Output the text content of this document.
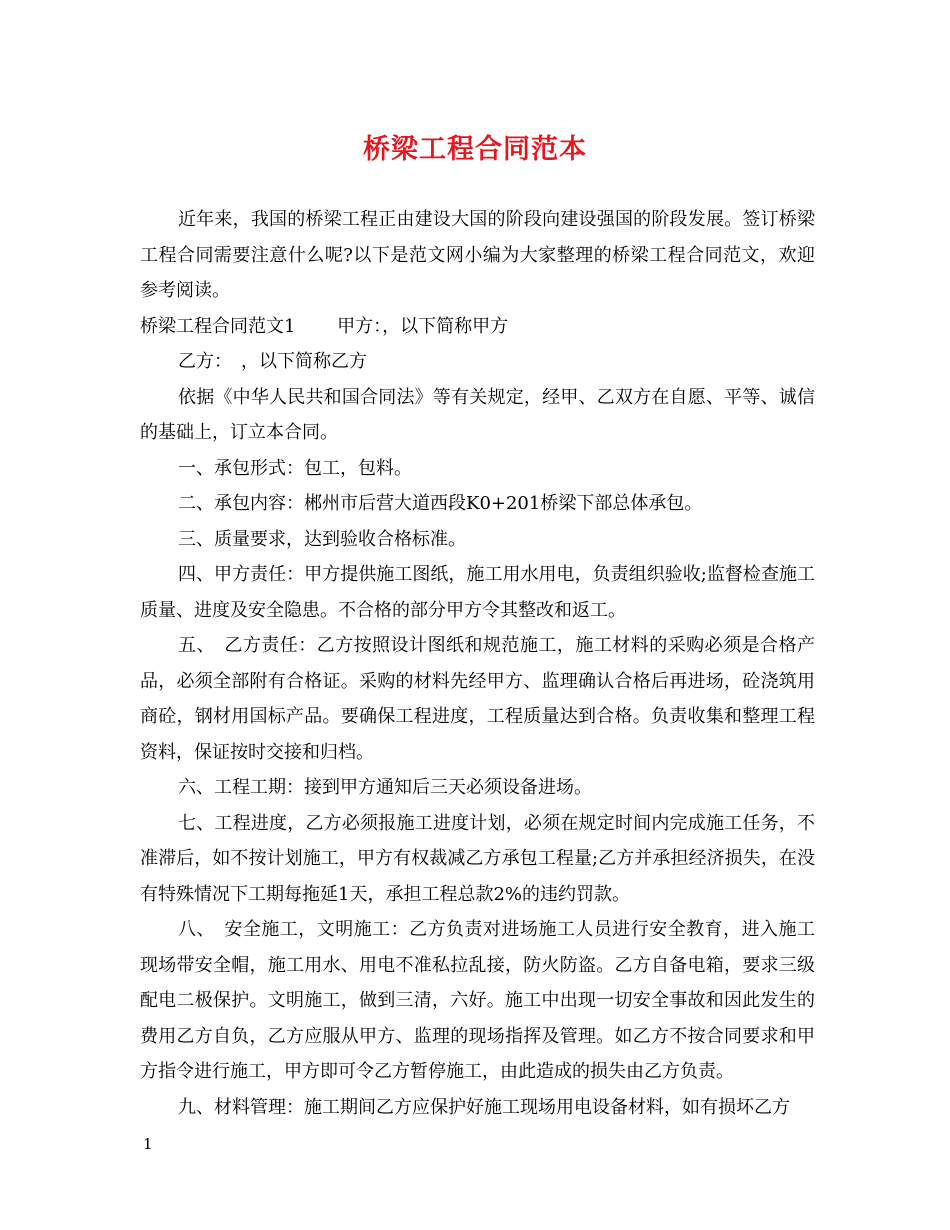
桥梁工程合同范本

近年来，我国的桥梁工程正由建设大国的阶段向建设强国的阶段发展。签订桥梁工程合同需要注意什么呢?以下是范文网小编为大家整理的桥梁工程合同范文，欢迎参考阅读。

桥梁工程合同范文1　　 甲方：，以下简称甲方

乙方：　，以下简称乙方

依据《中华人民共和国合同法》等有关规定，经甲、乙双方在自愿、平等、诚信的基础上，订立本合同。

一、承包形式：包工，包料。

二、承包内容：郴州市后营大道西段K0+201桥梁下部总体承包。

三、质量要求，达到验收合格标准。

四、甲方责任：甲方提供施工图纸，施工用水用电，负责组织验收;监督检查施工质量、进度及安全隐患。不合格的部分甲方令其整改和返工。

五、　乙方责任：乙方按照设计图纸和规范施工，施工材料的采购必须是合格产品，必须全部附有合格证。采购的材料先经甲方、监理确认合格后再进场，砼浇筑用商砼，钢材用国标产品。要确保工程进度，工程质量达到合格。负责收集和整理工程资料，保证按时交接和归档。

六、工程工期：接到甲方通知后三天必须设备进场。

七、工程进度，乙方必须报施工进度计划，必须在规定时间内完成施工任务，不准滞后，如不按计划施工，甲方有权裁减乙方承包工程量;乙方并承担经济损失，在没有特殊情况下工期每拖延1天，承担工程总款2%的违约罚款。

八、　安全施工，文明施工：乙方负责对进场施工人员进行安全教育，进入施工现场带安全帽，施工用水、用电不准私拉乱接，防火防盗。乙方自备电箱，要求三级配电二极保护。文明施工，做到三清，六好。施工中出现一切安全事故和因此发生的费用乙方自负，乙方应服从甲方、监理的现场指挥及管理。如乙方不按合同要求和甲方指令进行施工，甲方即可令乙方暂停施工，由此造成的损失由乙方负责。

九、材料管理：施工期间乙方应保护好施工现场用电设备材料，如有损坏乙方

1
